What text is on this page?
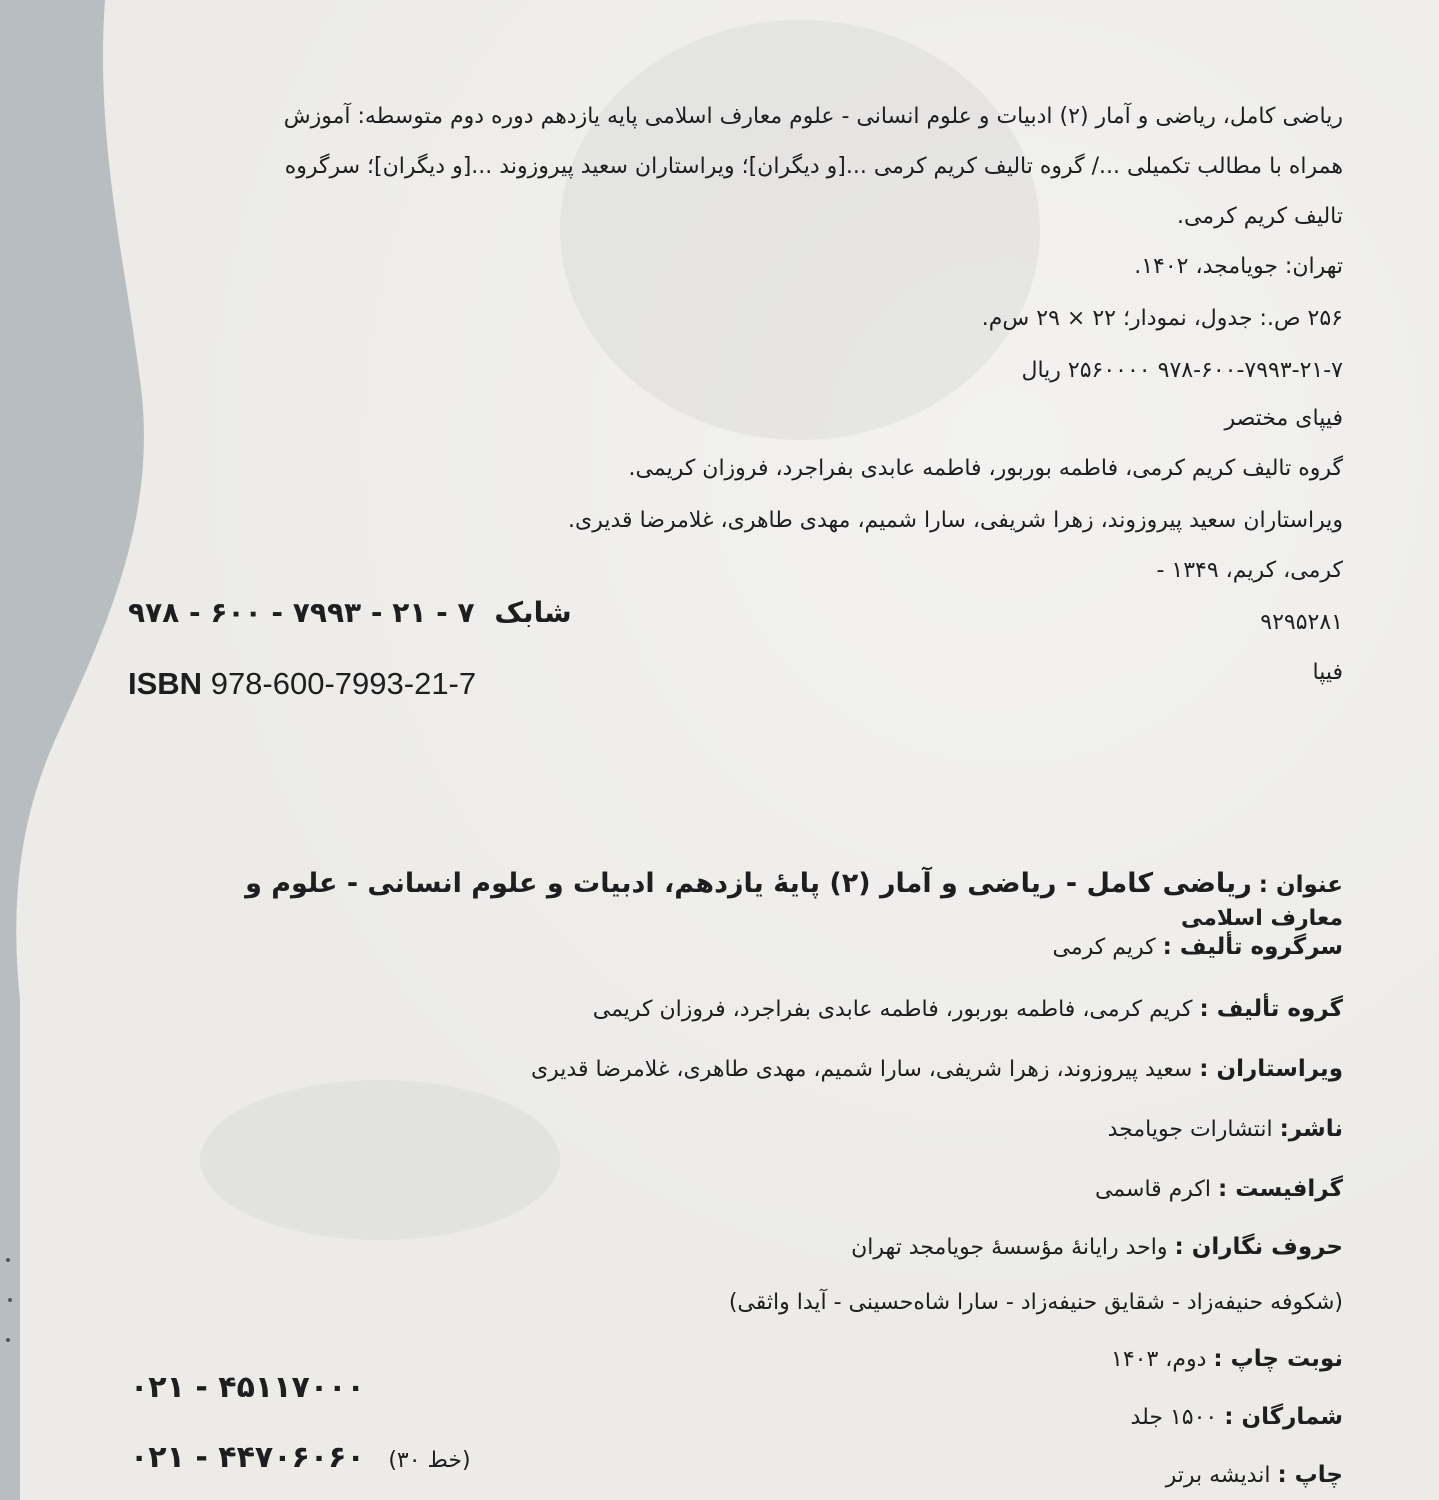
ریاضی کامل، ریاضی و آمار (۲) ادبیات و علوم انسانی - علوم معارف اسلامی پایه یازدهم دوره دوم متوسطه: آموزش
همراه با مطالب تکمیلی .../ گروه تالیف کریم کرمی ...[و دیگران]؛ ویراستاران سعید پیروزوند ...[و دیگران]؛ سرگروه
تالیف کریم کرمی.
تهران: جویامجد، ۱۴۰۲.
۲۵۶ ص.: جدول، نمودار؛ ۲۲ × ۲۹ س‌م.
۹۷۸-۶۰۰-۷۹۹۳-۲۱-۷ ۲۵۶۰۰۰۰ ریال
فیپای مختصر
گروه تالیف کریم کرمی، فاطمه بوربور، فاطمه عابدی بفراجرد، فروزان کریمی.
ویراستاران سعید پیروزوند، زهرا شریفی، سارا شمیم، مهدی طاهری، غلامرضا قدیری.
کرمی، کریم، ۱۳۴۹ -
۹۲۹۵۲۸۱
فیپا
۹۷۸ - ۶۰۰ - ۷۹۹۳ - ۲۱ - ۷ شابک
ISBN 978-600-7993-21-7
عنوان : ریاضی کامل - ریاضی و آمار (۲) پایهٔ یازدهم، ادبیات و علوم انسانی - علوم و
معارف اسلامی
سرگروه تألیف : کریم کرمی
گروه تألیف : کریم کرمی، فاطمه بوربور، فاطمه عابدی بفراجرد، فروزان کریمی
ویراستاران : سعید پیروزوند، زهرا شریفی، سارا شمیم، مهدی طاهری، غلامرضا قدیری
ناشر: انتشارات جویامجد
گرافیست : اکرم قاسمی
حروف نگاران : واحد رایانهٔ مؤسسهٔ جویامجد تهران
(شکوفه حنیفه‌زاد - شقایق حنیفه‌زاد - سارا شاه‌حسینی - آیدا واثقی)
نوبت چاپ : دوم، ۱۴۰۳
شمارگان : ۱۵۰۰ جلد
چاپ : اندیشه برتر
۰۲۱ - ۴۵۱۱۷۰۰۰
۰۲۱ - ۴۴۷۰۶۰۶۰ (۳۰ خط)
